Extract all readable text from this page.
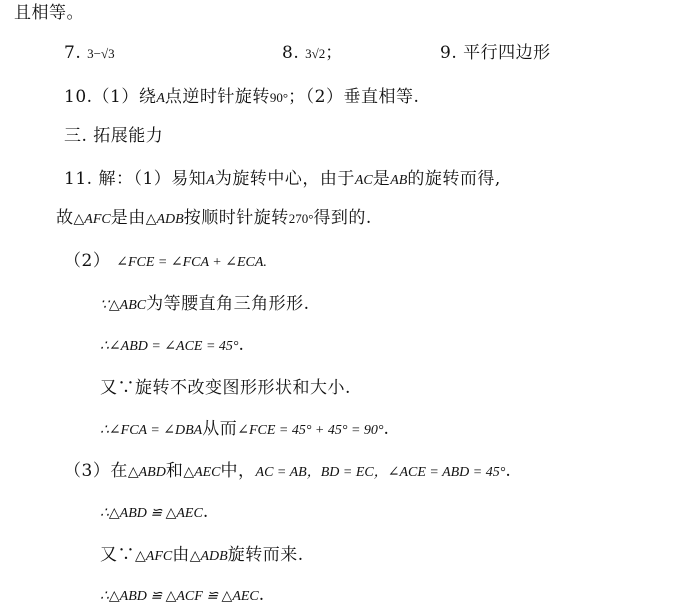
且相等。
7. 3−√3	8. 3√2；	9. 平行四边形
10.（1）绕A点逆时针旋转90°；（2）垂直相等.
三. 拓展能力
11. 解：（1）易知A为旋转中心，由于AC是AB的旋转而得,
故△AFC是由△ADB按顺时针旋转270°得到的.
（2） ∠FCE = ∠FCA + ∠ECA.
∵△ABC为等腰直角三角形形.
∴∠ABD = ∠ACE = 45°.
又∵旋转不改变图形形状和大小.
∴∠FCA = ∠DBA从而∠FCE = 45° + 45° = 90°.
（3）在△ABD和△AEC中，AC = AB，BD = EC，∠ACE = ABD = 45°.
∴△ABD ≌ △AEC.
又∵△AFC由△ADB旋转而来.
∴△ABD ≌ △ACF ≌ △AEC.
